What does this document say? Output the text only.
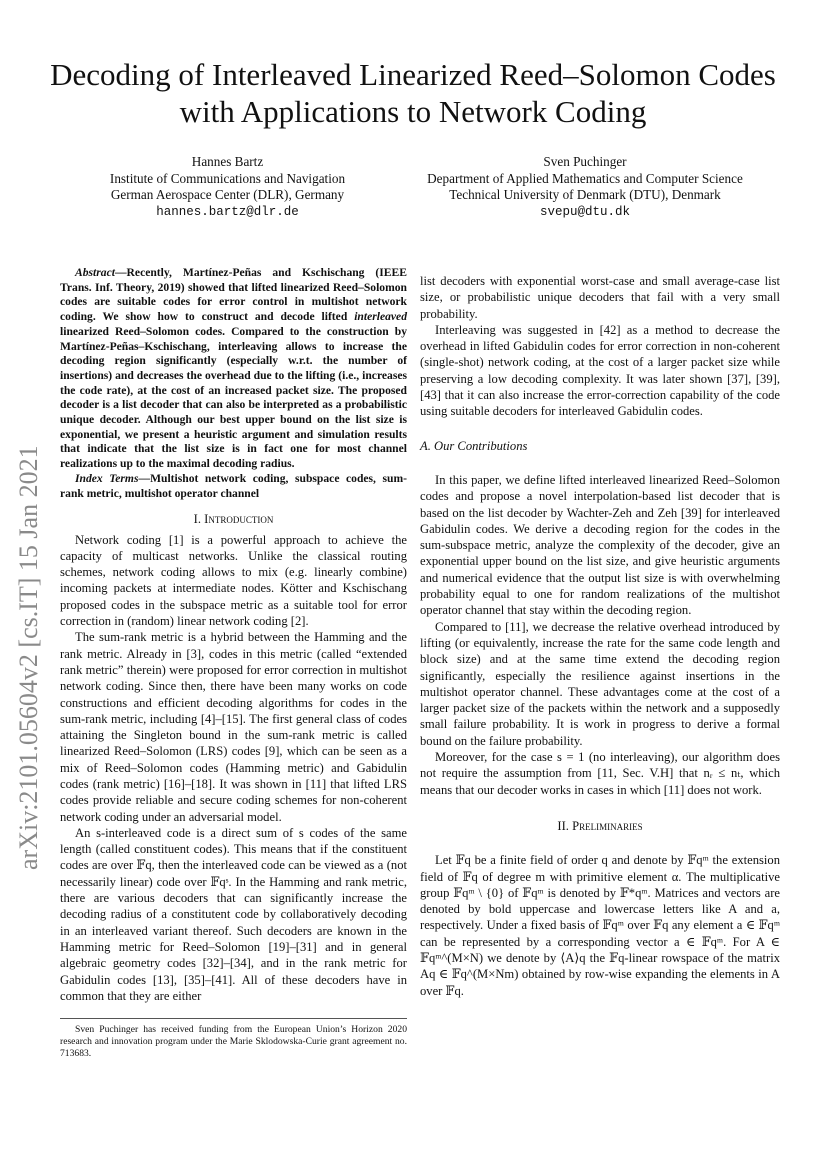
Decoding of Interleaved Linearized Reed–Solomon Codes with Applications to Network Coding
Hannes Bartz
Institute of Communications and Navigation
German Aerospace Center (DLR), Germany
hannes.bartz@dlr.de
Sven Puchinger
Department of Applied Mathematics and Computer Science
Technical University of Denmark (DTU), Denmark
svepu@dtu.dk
arXiv:2101.05604v2 [cs.IT] 15 Jan 2021
Abstract—Recently, Martínez-Peñas and Kschischang (IEEE Trans. Inf. Theory, 2019) showed that lifted linearized Reed–Solomon codes are suitable codes for error control in multishot network coding. We show how to construct and decode lifted interleaved linearized Reed–Solomon codes. Compared to the construction by Martínez-Peñas–Kschischang, interleaving allows to increase the decoding region significantly (especially w.r.t. the number of insertions) and decreases the overhead due to the lifting (i.e., increases the code rate), at the cost of an increased packet size. The proposed decoder is a list decoder that can also be interpreted as a probabilistic unique decoder. Although our best upper bound on the list size is exponential, we present a heuristic argument and simulation results that indicate that the list size is in fact one for most channel realizations up to the maximal decoding radius.
Index Terms—Multishot network coding, subspace codes, sum-rank metric, multishot operator channel
I. Introduction

Network coding [1] is a powerful approach to achieve the capacity of multicast networks. Unlike the classical routing schemes, network coding allows to mix (e.g. linearly combine) incoming packets at intermediate nodes. Kötter and Kschischang proposed codes in the subspace metric as a suitable tool for error correction in (random) linear network coding [2].

The sum-rank metric is a hybrid between the Hamming and the rank metric. Already in [3], codes in this metric (called “extended rank metric” therein) were proposed for error correction in multishot network coding. Since then, there have been many works on code constructions and efficient decoding algorithms for codes in the sum-rank metric, including [4]–[15]. The first general class of codes attaining the Singleton bound in the sum-rank metric is called linearized Reed–Solomon (LRS) codes [9], which can be seen as a mix of Reed–Solomon codes (Hamming metric) and Gabidulin codes (rank metric) [16]–[18]. It was shown in [11] that lifted LRS codes provide reliable and secure coding schemes for non-coherent network coding under an adversarial model.

An s-interleaved code is a direct sum of s codes of the same length (called constituent codes). This means that if the constituent codes are over 𝔽q, then the interleaved code can be viewed as a (not necessarily linear) code over 𝔽qˢ. In the Hamming and rank metric, there are various decoders that can significantly increase the decoding radius of a constitutent code by collaboratively decoding in an interleaved variant thereof. Such decoders are known in the Hamming metric for Reed–Solomon [19]–[31] and in general algebraic geometry codes [32]–[34], and in the rank metric for Gabidulin codes [13], [35]–[41]. All of these decoders have in common that they are either

Sven Puchinger has received funding from the European Union’s Horizon 2020 research and innovation program under the Marie Sklodowska-Curie grant agreement no. 713683.

list decoders with exponential worst-case and small average-case list size, or probabilistic unique decoders that fail with a very small probability.

Interleaving was suggested in [42] as a method to decrease the overhead in lifted Gabidulin codes for error correction in non-coherent (single-shot) network coding, at the cost of a larger packet size while preserving a low decoding complexity. It was later shown [37], [39], [43] that it can also increase the error-correction capability of the code using suitable decoders for interleaved Gabidulin codes.

A. Our Contributions

In this paper, we define lifted interleaved linearized Reed–Solomon codes and propose a novel interpolation-based list decoder that is based on the list decoder by Wachter-Zeh and Zeh [39] for interleaved Gabidulin codes. We derive a decoding region for the codes in the sum-subspace metric, analyze the complexity of the decoder, give an exponential upper bound on the list size, and give heuristic arguments and numerical evidence that the output list size is with overwhelming probability equal to one for random realizations of the multishot operator channel that stay within the decoding region.

Compared to [11], we decrease the relative overhead introduced by lifting (or equivalently, increase the rate for the same code length and block size) and at the same time extend the decoding region significantly, especially the resilience against insertions in the multishot operator channel. These advantages come at the cost of a larger packet size of the packets within the network and a supposedly small failure probability. It is work in progress to derive a formal bound on the failure probability.

Moreover, for the case s = 1 (no interleaving), our algorithm does not require the assumption from [11, Sec. V.H] that nᵣ ≤ nₜ, which means that our decoder works in cases in which [11] does not work.

II. Preliminaries

Let 𝔽q be a finite field of order q and denote by 𝔽qᵐ the extension field of 𝔽q of degree m with primitive element α. The multiplicative group 𝔽qᵐ \ {0} of 𝔽qᵐ is denoted by 𝔽*qᵐ. Matrices and vectors are denoted by bold uppercase and lowercase letters like A and a, respectively. Under a fixed basis of 𝔽qᵐ over 𝔽q any element a ∈ 𝔽qᵐ can be represented by a corresponding vector a ∈ 𝔽qᵐ. For A ∈ 𝔽qᵐ^(M×N) we denote by ⟨A⟩q the 𝔽q-linear rowspace of the matrix Aq ∈ 𝔽q^(M×Nm) obtained by row-wise expanding the elements in A over 𝔽q.
